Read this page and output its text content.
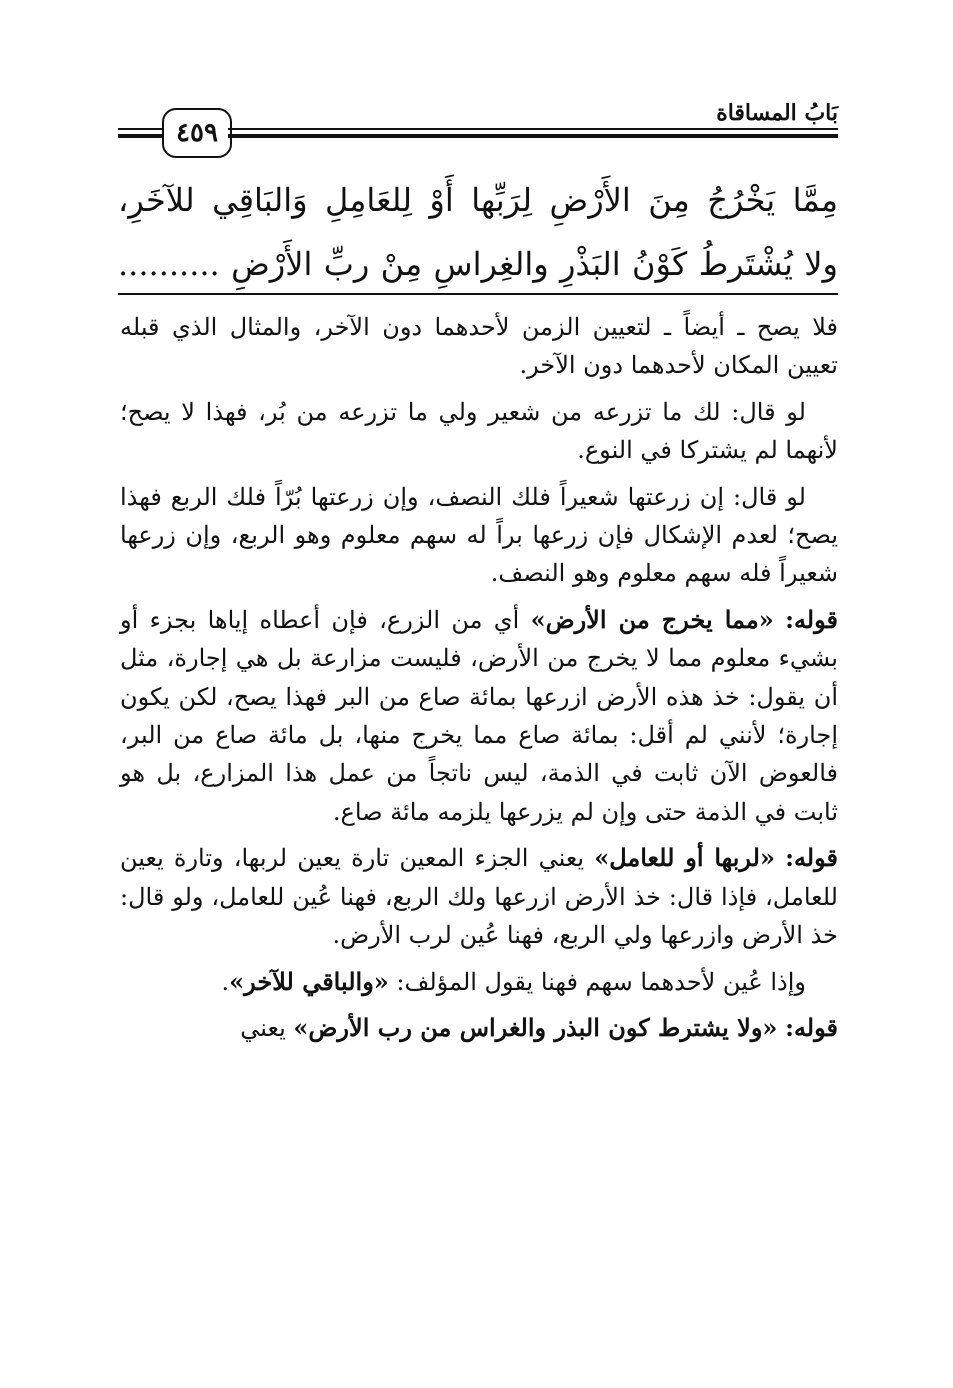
٤٥٩
بَابُ المساقاة
مِمَّا يَخْرُجُ مِنَ الأَرْضِ لِرَبِّها أَوْ لِلعَامِلِ وَالبَاقِي للآخَرِ،
ولا يُشْتَرطُ كَوْنُ البَذْرِ والغِراسِ مِنْ ربِّ الأَرْضِ ..........

فلا يصح ـ أيضاً ـ لتعيين الزمن لأحدهما دون الآخر، والمثال الذي قبله تعيين المكان لأحدهما دون الآخر.

لو قال: لك ما تزرعه من شعير ولي ما تزرعه من بُر، فهذا لا يصح؛ لأنهما لم يشتركا في النوع.

لو قال: إن زرعتها شعيراً فلك النصف، وإن زرعتها بُرّاً فلك الربع فهذا يصح؛ لعدم الإشكال فإن زرعها براً له سهم معلوم وهو الربع، وإن زرعها شعيراً فله سهم معلوم وهو النصف.

قوله: «مما يخرج من الأرض» أي من الزرع، فإن أعطاه إياها بجزء أو بشيء معلوم مما لا يخرج من الأرض، فليست مزارعة بل هي إجارة، مثل أن يقول: خذ هذه الأرض ازرعها بمائة صاع من البر فهذا يصح، لكن يكون إجارة؛ لأنني لم أقل: بمائة صاع مما يخرج منها، بل مائة صاع من البر، فالعوض الآن ثابت في الذمة، ليس ناتجاً من عمل هذا المزارع، بل هو ثابت في الذمة حتى وإن لم يزرعها يلزمه مائة صاع.

قوله: «لربها أو للعامل» يعني الجزء المعين تارة يعين لربها، وتارة يعين للعامل، فإذا قال: خذ الأرض ازرعها ولك الربع، فهنا عُين للعامل، ولو قال: خذ الأرض وازرعها ولي الربع، فهنا عُين لرب الأرض.

وإذا عُين لأحدهما سهم فهنا يقول المؤلف: «والباقي للآخر».

قوله: «ولا يشترط كون البذر والغراس من رب الأرض» يعني
